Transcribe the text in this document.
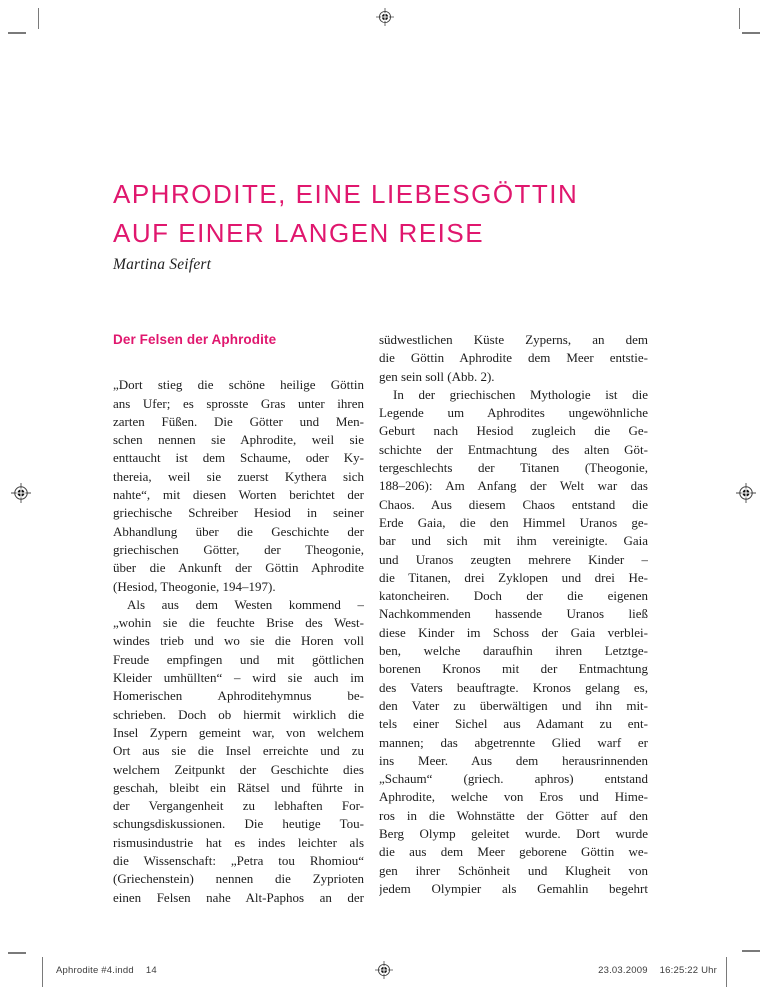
APHRODITE, EINE LIEBESGÖTTIN
AUF EINER LANGEN REISE
Martina Seifert
Der Felsen der Aphrodite
„Dort stieg die schöne heilige Göttin
ans Ufer; es sprosste Gras unter ihren
zarten Füßen. Die Götter und Men-
schen nennen sie Aphrodite, weil sie
enttaucht ist dem Schaume, oder Ky-
thereia, weil sie zuerst Kythera sich
nahte“, mit diesen Worten berichtet der
griechische Schreiber Hesiod in seiner
Abhandlung über die Geschichte der
griechischen Götter, der Theogonie,
über die Ankunft der Göttin Aphrodite
(Hesiod, Theogonie, 194–197).
Als aus dem Westen kommend –
„wohin sie die feuchte Brise des West-
windes trieb und wo sie die Horen voll
Freude empfingen und mit göttlichen
Kleider umhüllten“ – wird sie auch im
Homerischen Aphroditehymnus be-
schrieben. Doch ob hiermit wirklich die
Insel Zypern gemeint war, von welchem
Ort aus sie die Insel erreichte und zu
welchem Zeitpunkt der Geschichte dies
geschah, bleibt ein Rätsel und führte in
der Vergangenheit zu lebhaften For-
schungsdiskussionen. Die heutige Tou-
rismusindustrie hat es indes leichter als
die Wissenschaft: „Petra tou Rhomiou“
(Griechenstein) nennen die Zyprioten
einen Felsen nahe Alt-Paphos an der
südwestlichen Küste Zyperns, an dem
die Göttin Aphrodite dem Meer entstie-
gen sein soll (Abb. 2).
In der griechischen Mythologie ist die
Legende um Aphrodites ungewöhnliche
Geburt nach Hesiod zugleich die Ge-
schichte der Entmachtung des alten Göt-
tergeschlechts der Titanen (Theogonie,
188–206): Am Anfang der Welt war das
Chaos. Aus diesem Chaos entstand die
Erde Gaia, die den Himmel Uranos ge-
bar und sich mit ihm vereinigte. Gaia
und Uranos zeugten mehrere Kinder –
die Titanen, drei Zyklopen und drei He-
katoncheiren. Doch der die eigenen
Nachkommenden hassende Uranos ließ
diese Kinder im Schoss der Gaia verblei-
ben, welche daraufhin ihren Letztge-
borenen Kronos mit der Entmachtung
des Vaters beauftragte. Kronos gelang es,
den Vater zu überwältigen und ihn mit-
tels einer Sichel aus Adamant zu ent-
mannen; das abgetrennte Glied warf er
ins Meer. Aus dem herausrinnenden
„Schaum“ (griech. aphros) entstand
Aphrodite, welche von Eros und Hime-
ros in die Wohnstätte der Götter auf den
Berg Olymp geleitet wurde. Dort wurde
die aus dem Meer geborene Göttin we-
gen ihrer Schönheit und Klugheit von
jedem Olympier als Gemahlin begehrt
Aphrodite #4.indd 14	23.03.2009 16:25:22 Uhr
